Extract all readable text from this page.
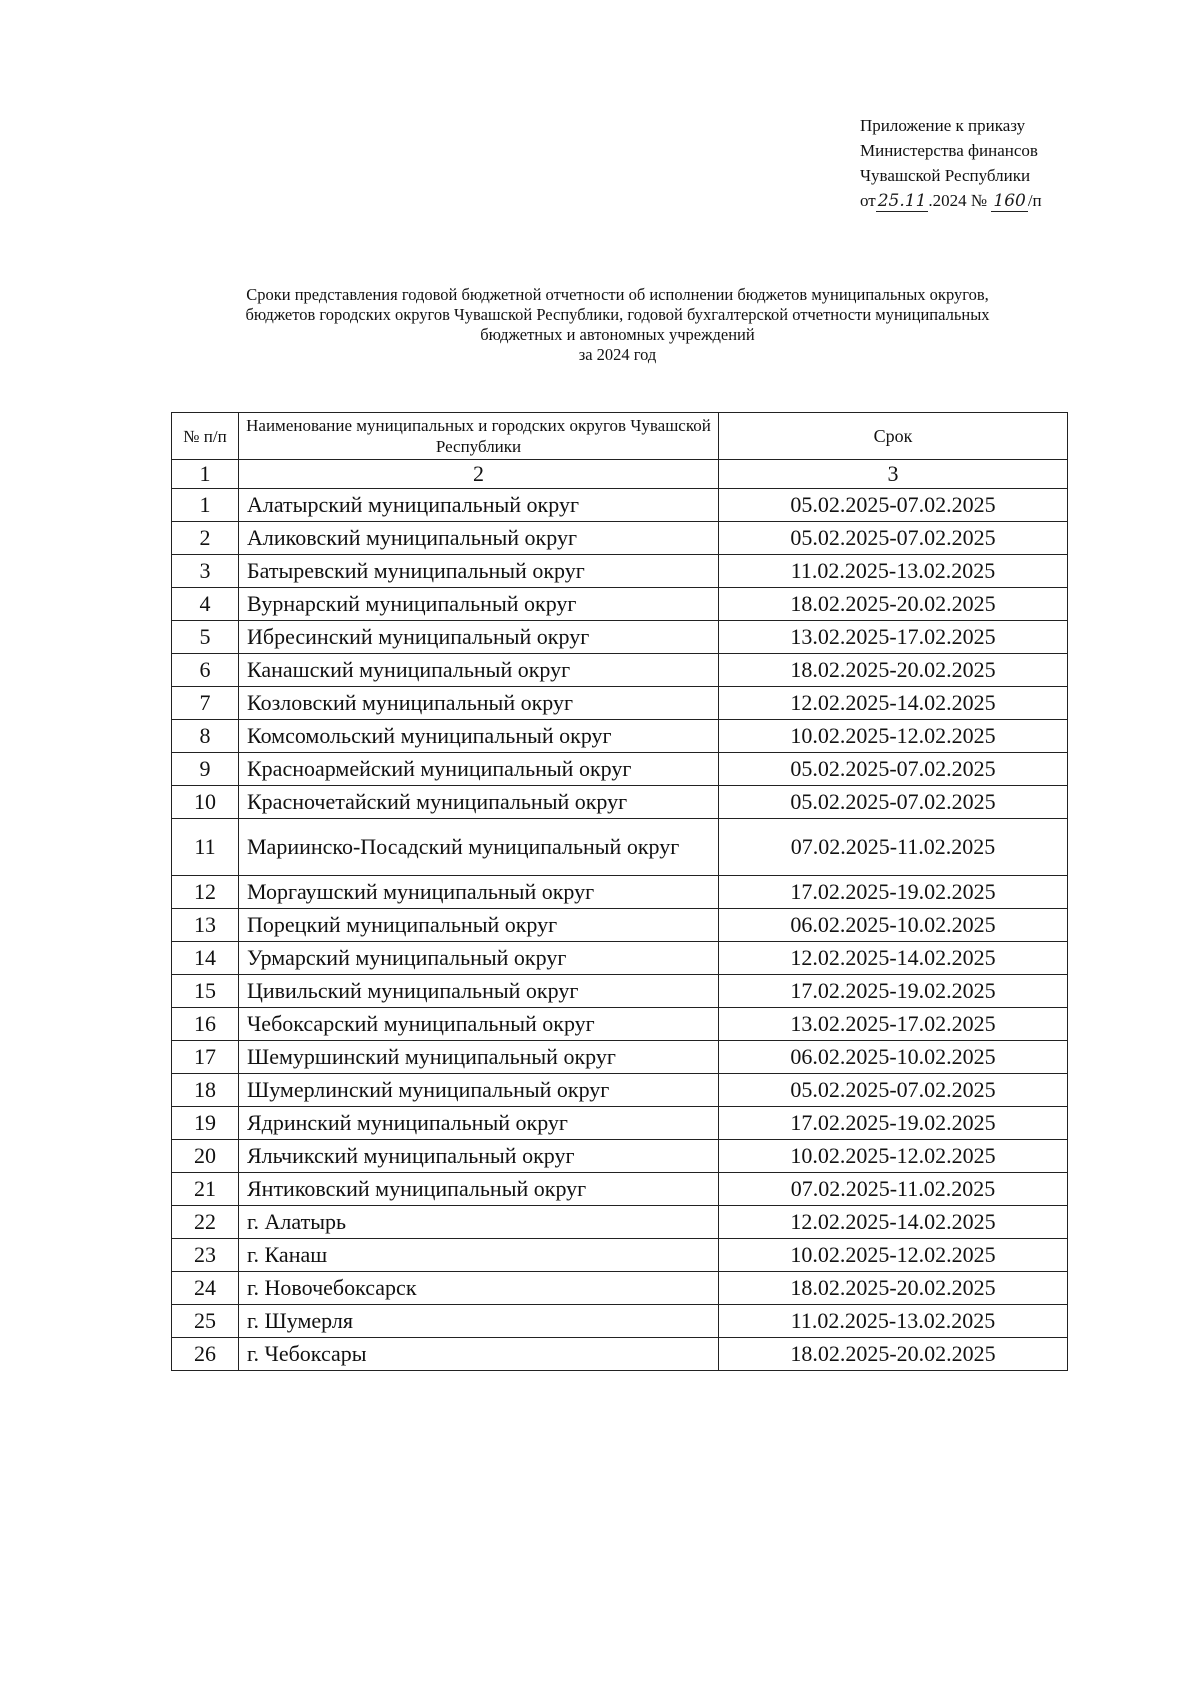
Приложение к приказу
Министерства финансов
Чувашской Республики
от 25.11 .2024 № 160 /п
Сроки представления годовой бюджетной отчетности об исполнении бюджетов муниципальных округов,
бюджетов городских округов Чувашской Республики, годовой бухгалтерской отчетности муниципальных
бюджетных и автономных учреждений
за 2024 год
№ п/п	Наименование муниципальных и городских округов Чувашской Республики	Срок
1	2	3
1	Алатырский муниципальный округ	05.02.2025-07.02.2025
2	Аликовский муниципальный округ	05.02.2025-07.02.2025
3	Батыревский муниципальный округ	11.02.2025-13.02.2025
4	Вурнарский муниципальный округ	18.02.2025-20.02.2025
5	Ибресинский муниципальный округ	13.02.2025-17.02.2025
6	Канашский муниципальный округ	18.02.2025-20.02.2025
7	Козловский муниципальный округ	12.02.2025-14.02.2025
8	Комсомольский муниципальный округ	10.02.2025-12.02.2025
9	Красноармейский муниципальный округ	05.02.2025-07.02.2025
10	Красночетайский муниципальный округ	05.02.2025-07.02.2025
11	Мариинско-Посадский муниципальный округ	07.02.2025-11.02.2025
12	Моргаушский муниципальный округ	17.02.2025-19.02.2025
13	Порецкий муниципальный округ	06.02.2025-10.02.2025
14	Урмарский муниципальный округ	12.02.2025-14.02.2025
15	Цивильский муниципальный округ	17.02.2025-19.02.2025
16	Чебоксарский муниципальный округ	13.02.2025-17.02.2025
17	Шемуршинский муниципальный округ	06.02.2025-10.02.2025
18	Шумерлинский муниципальный округ	05.02.2025-07.02.2025
19	Ядринский муниципальный округ	17.02.2025-19.02.2025
20	Яльчикский муниципальный округ	10.02.2025-12.02.2025
21	Янтиковский муниципальный округ	07.02.2025-11.02.2025
22	г. Алатырь	12.02.2025-14.02.2025
23	г. Канаш	10.02.2025-12.02.2025
24	г. Новочебоксарск	18.02.2025-20.02.2025
25	г. Шумерля	11.02.2025-13.02.2025
26	г. Чебоксары	18.02.2025-20.02.2025
